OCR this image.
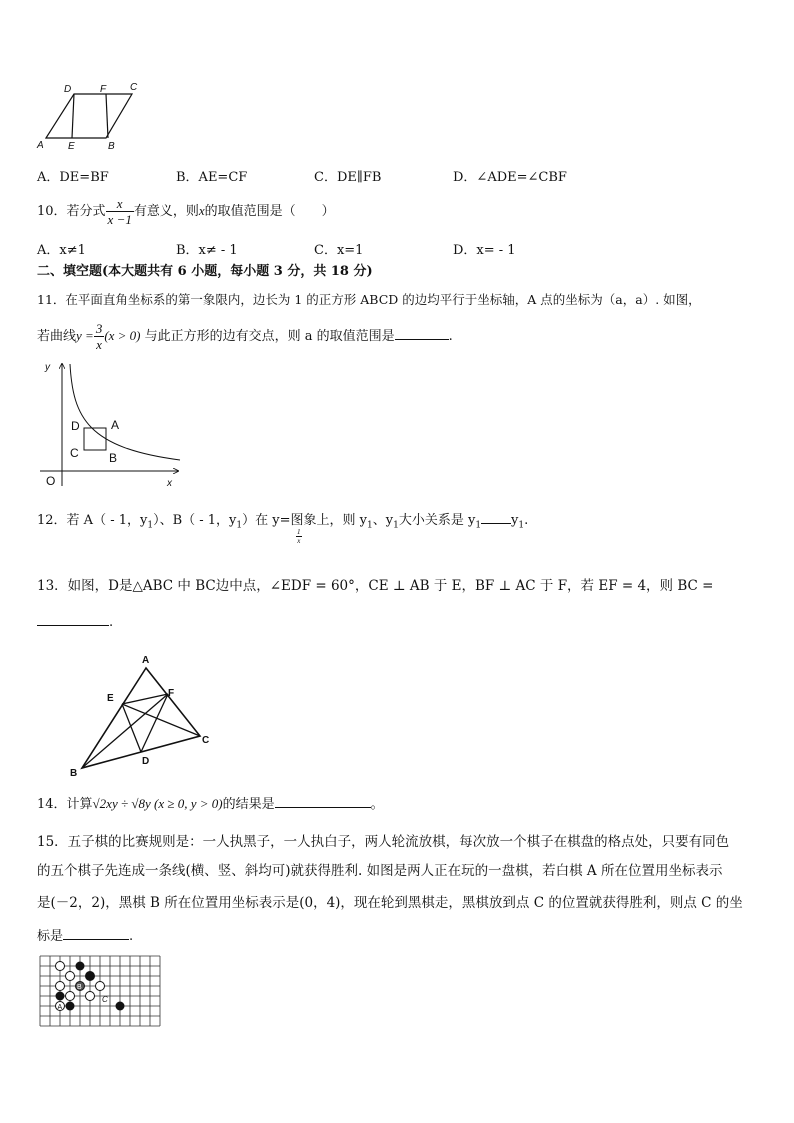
D	F C
A E	B
A．DE=BF	B．AE=CF	C．DE∥FB	D．∠ADE=∠CBF
10．若分式 $\frac{x}{x -1}$ 有意义，则x的取值范围是（　　）
A．x≠1	B．x≠ - 1	C．x=1	D．x= - 1
二、填空题(本大题共有 6 小题，每小题 3 分，共 18 分)
11．在平面直角坐标系的第一象限内，边长为 1 的正方形 ABCD 的边均平行于坐标轴，A 点的坐标为（a，a）. 如图，
若曲线$y = \frac{3}{x} (x > 0)$ 与此正方形的边有交点，则 a 的取值范围是	.
y
x
O
D	A
C	B
12．若 A（ - 1，$y_1$）、B（ - 1，$y_1$）在 y=图象上，则 $y_1$、$y_1$大小关系是 $y_1$ $y_1$.
$\frac{1}{x}$
13．如图，D是△ABC 中 BC边中点，∠EDF = 60°，CE ⊥ AB 于 E，BF ⊥ AC 于 F，若 EF = 4，则 BC =
.
A
E	F
C
D
B
14．计算√2xy ÷ √8y (x ≥ 0, y > 0)的结果是	。
15．五子棋的比赛规则是：一人执黑子，一人执白子，两人轮流放棋，每次放一个棋子在棋盘的格点处，只要有同色
的五个棋子先连成一条线(横、竖、斜均可)就获得胜利. 如图是两人正在玩的一盘棋，若白棋 A 所在位置用坐标表示
是(－2，2)，黑棋 B 所在位置用坐标表示是(0，4)，现在轮到黑棋走，黑棋放到点 C 的位置就获得胜利，则点 C 的坐
标是	.
B
A
C
